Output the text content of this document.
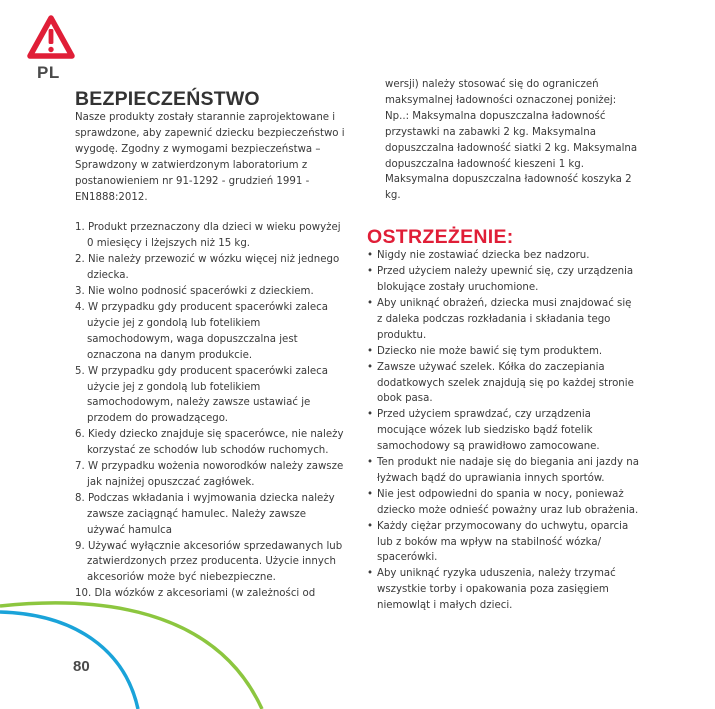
PL
BEZPIECZEŃSTWO

Nasze produkty zostały starannie zaprojektowane i sprawdzone, aby zapewnić dziecku bezpieczeństwo i wygodę. Zgodny z wymogami bezpieczeństwa – Sprawdzony w zatwierdzonym laboratorium z postanowieniem nr 91-1292 - grudzień 1991 - EN1888:2012.

1. Produkt przeznaczony dla dzieci w wieku powyżej 0 miesięcy i lżejszych niż 15 kg.
2. Nie należy przewozić w wózku więcej niż jednego dziecka.
3. Nie wolno podnosić spacerówki z dzieckiem.
4. W przypadku gdy producent spacerówki zaleca użycie jej z gondolą lub fotelikiem samochodowym, waga dopuszczalna jest oznaczona na danym produkcie.
5. W przypadku gdy producent spacerówki zaleca użycie jej z gondolą lub fotelikiem samochodowym, należy zawsze ustawiać je przodem do prowadzącego.
6. Kiedy dziecko znajduje się spacerówce, nie należy korzystać ze schodów lub schodów ruchomych.
7. W przypadku wożenia noworodków należy zawsze jak najniżej opuszczać zagłówek.
8. Podczas wkładania i wyjmowania dziecka należy zawsze zaciągnąć hamulec. Należy zawsze używać hamulca
9. Używać wyłącznie akcesoriów sprzedawanych lub zatwierdzonych przez producenta. Użycie innych akcesoriów może być niebezpieczne.
10. Dla wózków z akcesoriami (w zależności od

wersji) należy stosować się do ograniczeń maksymalnej ładowności oznaczonej poniżej: Np..: Maksymalna dopuszczalna ładowność przystawki na zabawki 2 kg. Maksymalna dopuszczalna ładowność siatki 2 kg. Maksymalna dopuszczalna ładowność kieszeni 1 kg. Maksymalna dopuszczalna ładowność koszyka 2 kg.

OSTRZEŻENIE:
• Nigdy nie zostawiać dziecka bez nadzoru.
• Przed użyciem należy upewnić się, czy urządzenia blokujące zostały uruchomione.
• Aby uniknąć obrażeń, dziecka musi znajdować się z daleka podczas rozkładania i składania tego produktu.
• Dziecko nie może bawić się tym produktem.
• Zawsze używać szelek. Kółka do zaczepiania dodatkowych szelek znajdują się po każdej stronie obok pasa.
• Przed użyciem sprawdzać, czy urządzenia mocujące wózek lub siedzisko bądź fotelik samochodowy są prawidłowo zamocowane.
• Ten produkt nie nadaje się do biegania ani jazdy na łyżwach bądź do uprawiania innych sportów.
• Nie jest odpowiedni do spania w nocy, ponieważ dziecko może odnieść poważny uraz lub obrażenia.
• Każdy ciężar przymocowany do uchwytu, oparcia lub z boków ma wpływ na stabilność wózka/ spacerówki.
• Aby uniknąć ryzyka uduszenia, należy trzymać wszystkie torby i opakowania poza zasięgiem niemowląt i małych dzieci.
80
